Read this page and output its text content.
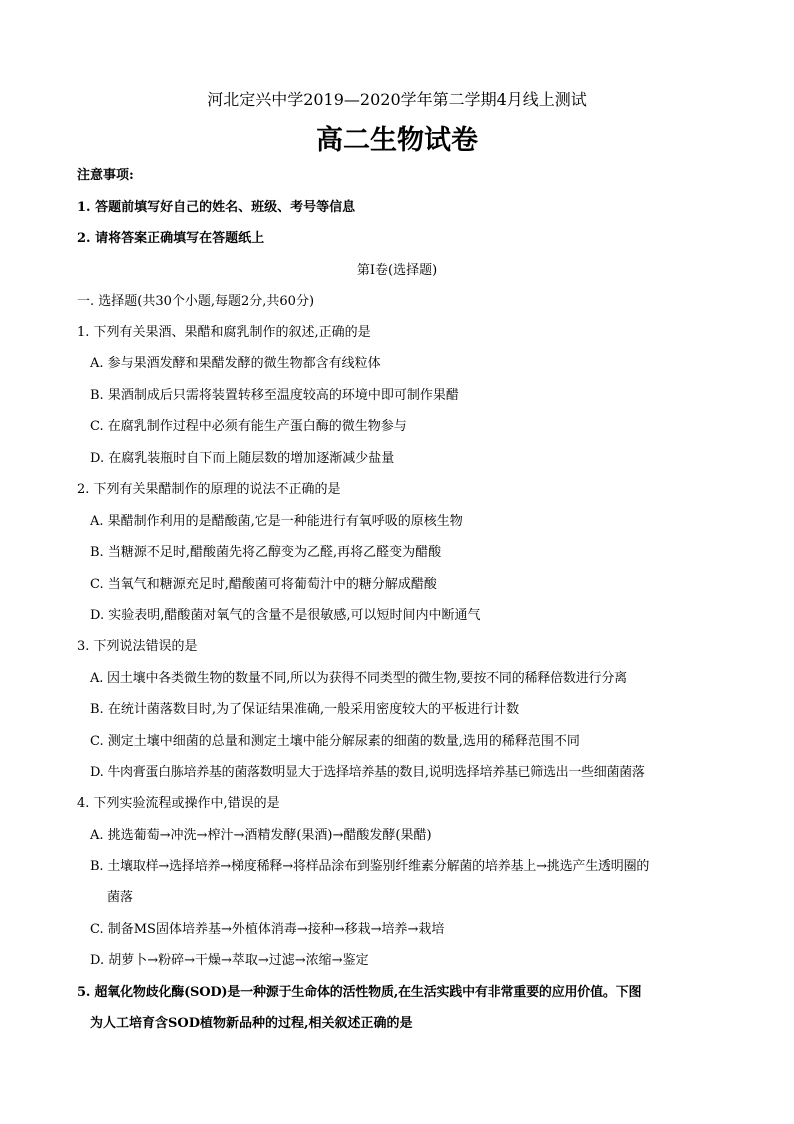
河北定兴中学2019—2020学年第二学期4月线上测试
高二生物试卷
注意事项:
1. 答题前填写好自己的姓名、班级、考号等信息
2. 请将答案正确填写在答题纸上
第I卷(选择题)
一. 选择题(共30个小题,每题2分,共60分)
1. 下列有关果酒、果醋和腐乳制作的叙述,正确的是
A. 参与果酒发酵和果醋发酵的微生物都含有线粒体
B. 果酒制成后只需将装置转移至温度较高的环境中即可制作果醋
C. 在腐乳制作过程中必须有能生产蛋白酶的微生物参与
D. 在腐乳装瓶时自下而上随层数的增加逐渐减少盐量
2. 下列有关果醋制作的原理的说法不正确的是
A. 果醋制作利用的是醋酸菌,它是一种能进行有氧呼吸的原核生物
B. 当糖源不足时,醋酸菌先将乙醇变为乙醛,再将乙醛变为醋酸
C. 当氧气和糖源充足时,醋酸菌可将葡萄汁中的糖分解成醋酸
D. 实验表明,醋酸菌对氧气的含量不是很敏感,可以短时间内中断通气
3. 下列说法错误的是
A. 因土壤中各类微生物的数量不同,所以为获得不同类型的微生物,要按不同的稀释倍数进行分离
B. 在统计菌落数目时,为了保证结果准确,一般采用密度较大的平板进行计数
C. 测定土壤中细菌的总量和测定土壤中能分解尿素的细菌的数量,选用的稀释范围不同
D. 牛肉膏蛋白胨培养基的菌落数明显大于选择培养基的数目,说明选择培养基已筛选出一些细菌菌落
4. 下列实验流程或操作中,错误的是
A. 挑选葡萄→冲洗→榨汁→酒精发酵(果酒)→醋酸发酵(果醋)
B. 土壤取样→选择培养→梯度稀释→将样品涂布到鉴别纤维素分解菌的培养基上→挑选产生透明圈的
菌落
C. 制备MS固体培养基→外植体消毒→接种→移栽→培养→栽培
D. 胡萝卜→粉碎→干燥→萃取→过滤→浓缩→鉴定
5. 超氧化物歧化酶(SOD)是一种源于生命体的活性物质,在生活实践中有非常重要的应用价值。下图
为人工培育含SOD植物新品种的过程,相关叙述正确的是
